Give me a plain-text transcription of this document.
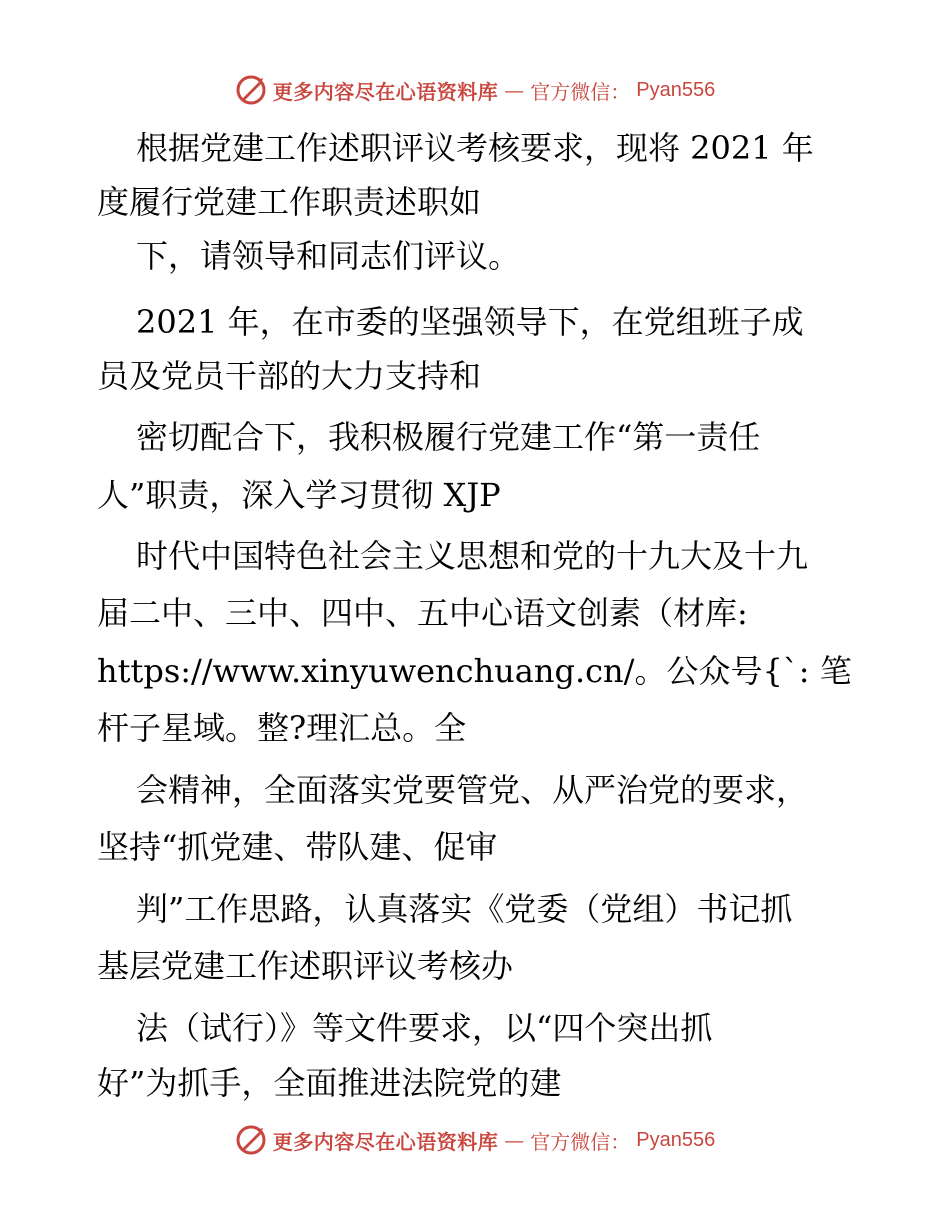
更多内容尽在心语资料库 — 官方微信： Pyan556
根据党建工作述职评议考核要求，现将 2021 年
度履行党建工作职责述职如
下，请领导和同志们评议。
2021 年，在市委的坚强领导下，在党组班子成
员及党员干部的大力支持和
密切配合下，我积极履行党建工作“第一责任
人”职责，深入学习贯彻 XJP
时代中国特色社会主义思想和党的十九大及十九
届二中、三中、四中、五中心语文创素（材库:
https://www.xinyuwenchuang.cn/。公众号{`: 笔
杆子星域。整?理汇总。全
会精神，全面落实党要管党、从严治党的要求，
坚持“抓党建、带队建、促审
判”工作思路，认真落实《党委（党组）书记抓
基层党建工作述职评议考核办
法（试行）》等文件要求，以“四个突出抓
好”为抓手，全面推进法院党的建
更多内容尽在心语资料库 — 官方微信： Pyan556
